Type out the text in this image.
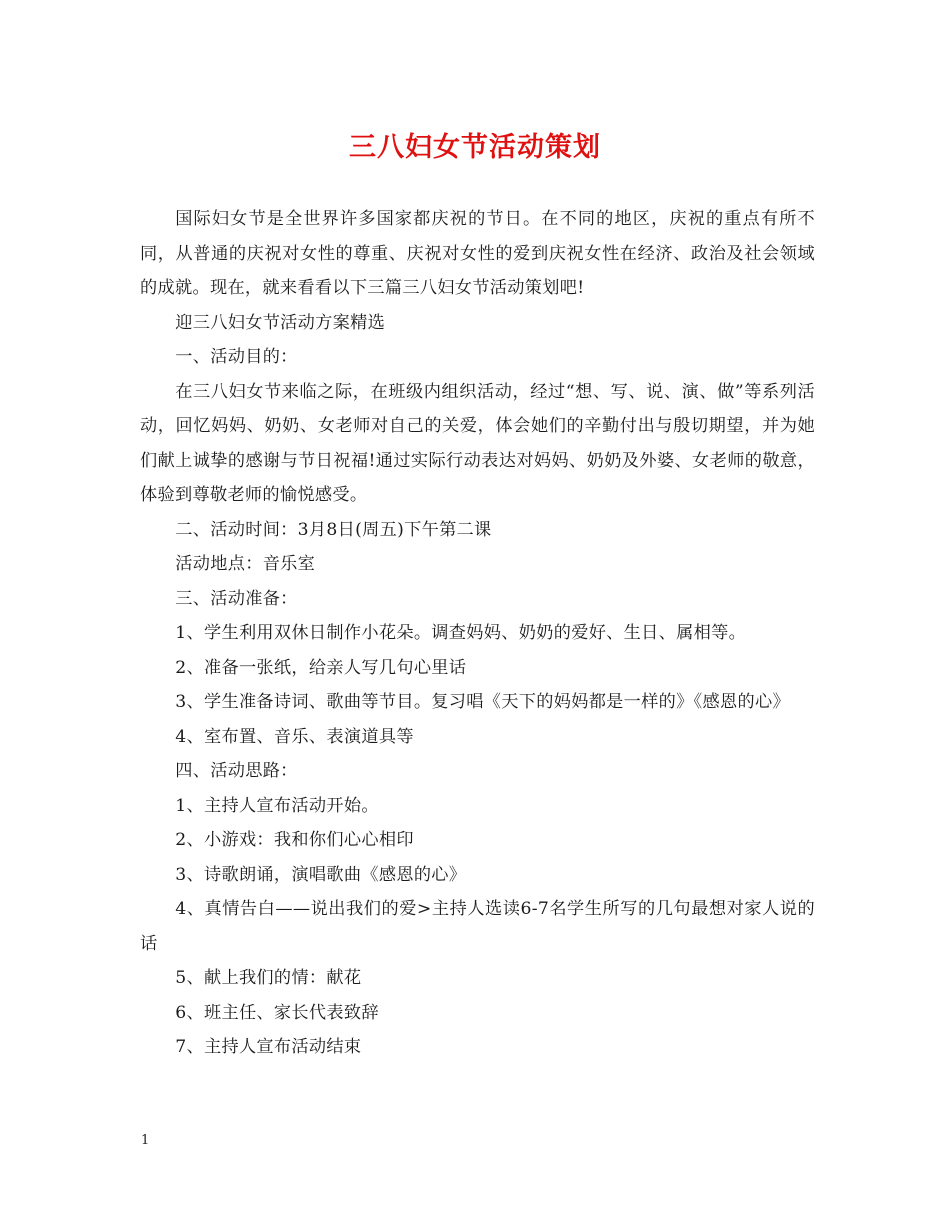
三八妇女节活动策划

国际妇女节是全世界许多国家都庆祝的节日。在不同的地区，庆祝的重点有所不同，从普通的庆祝对女性的尊重、庆祝对女性的爱到庆祝女性在经济、政治及社会领域的成就。现在，就来看看以下三篇三八妇女节活动策划吧!

迎三八妇女节活动方案精选

一、活动目的：

在三八妇女节来临之际，在班级内组织活动，经过“想、写、说、演、做”等系列活动，回忆妈妈、奶奶、女老师对自己的关爱，体会她们的辛勤付出与殷切期望，并为她们献上诚挚的感谢与节日祝福!通过实际行动表达对妈妈、奶奶及外婆、女老师的敬意，体验到尊敬老师的愉悦感受。

二、活动时间：3月8日(周五)下午第二课

活动地点：音乐室

三、活动准备：

1、学生利用双休日制作小花朵。调查妈妈、奶奶的爱好、生日、属相等。

2、准备一张纸，给亲人写几句心里话

3、学生准备诗词、歌曲等节目。复习唱《天下的妈妈都是一样的》《感恩的心》

4、室布置、音乐、表演道具等

四、活动思路：

1、主持人宣布活动开始。

2、小游戏：我和你们心心相印

3、诗歌朗诵，演唱歌曲《感恩的心》

4、真情告白——说出我们的爱>主持人选读6-7名学生所写的几句最想对家人说的话

5、献上我们的情：献花

6、班主任、家长代表致辞

7、主持人宣布活动结束

1
